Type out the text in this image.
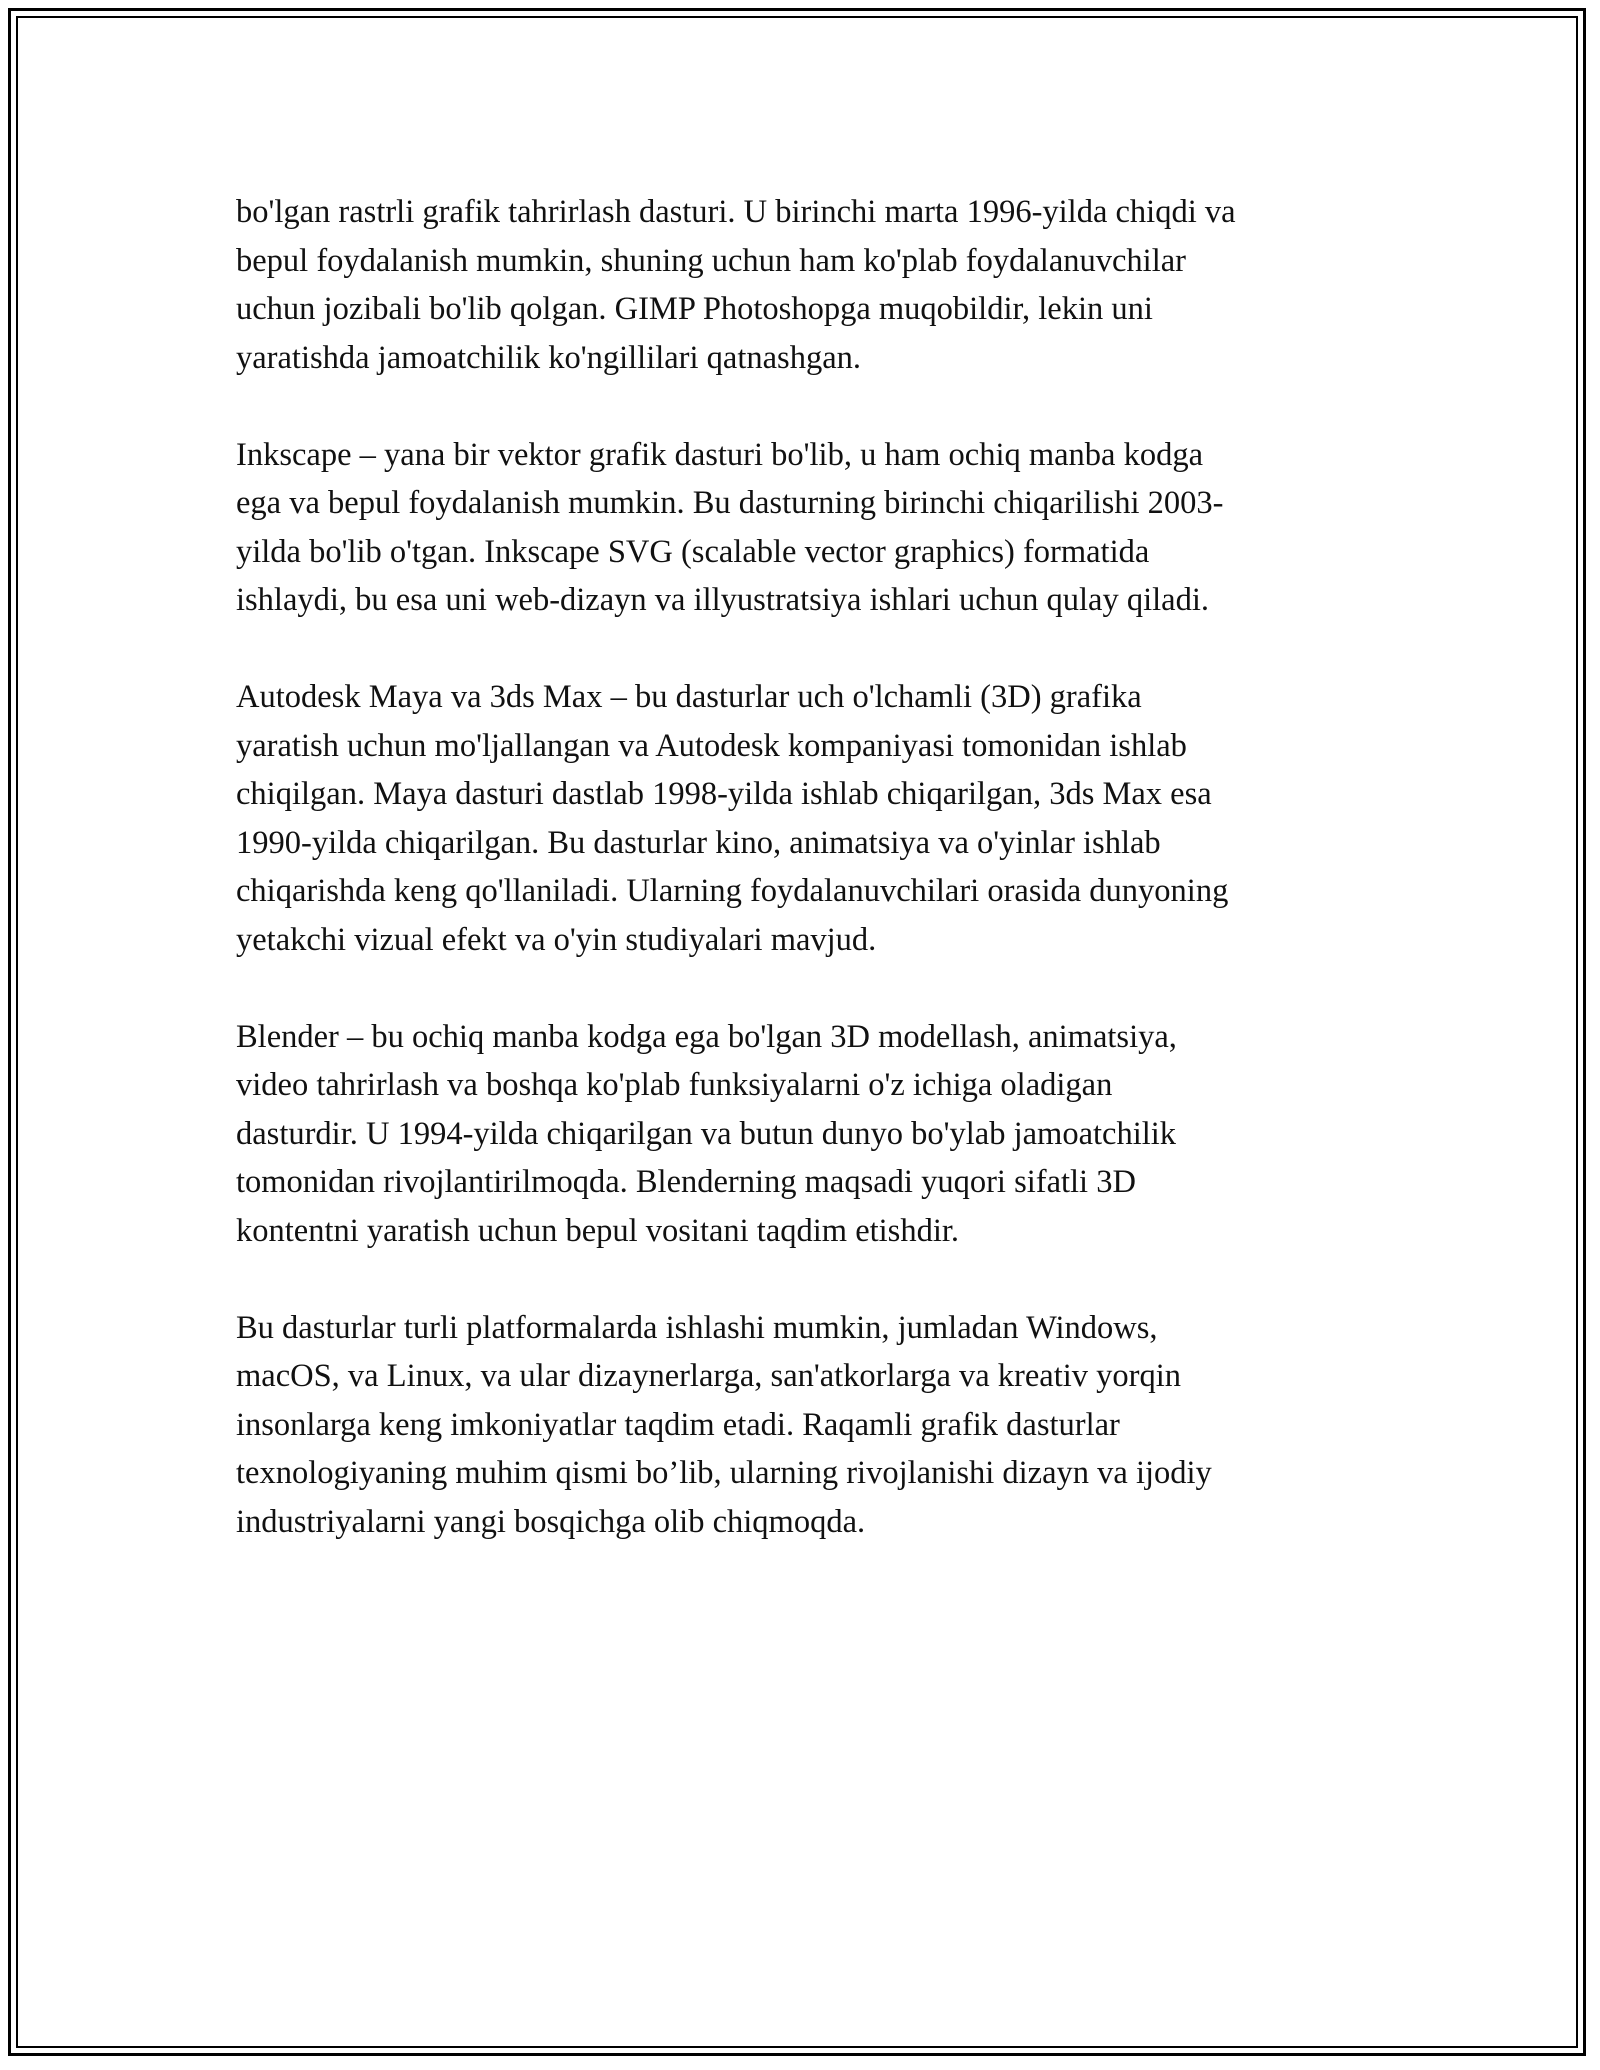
bo'lgan rastrli grafik tahrirlash dasturi. U birinchi marta 1996-yilda chiqdi va
bepul foydalanish mumkin, shuning uchun ham ko'plab foydalanuvchilar
uchun jozibali bo'lib qolgan. GIMP Photoshopga muqobildir, lekin uni
yaratishda jamoatchilik ko'ngillilari qatnashgan.

Inkscape – yana bir vektor grafik dasturi bo'lib, u ham ochiq manba kodga
ega va bepul foydalanish mumkin. Bu dasturning birinchi chiqarilishi 2003-
yilda bo'lib o'tgan. Inkscape SVG (scalable vector graphics) formatida
ishlaydi, bu esa uni web-dizayn va illyustratsiya ishlari uchun qulay qiladi.

Autodesk Maya va 3ds Max – bu dasturlar uch o'lchamli (3D) grafika
yaratish uchun mo'ljallangan va Autodesk kompaniyasi tomonidan ishlab
chiqilgan. Maya dasturi dastlab 1998-yilda ishlab chiqarilgan, 3ds Max esa
1990-yilda chiqarilgan. Bu dasturlar kino, animatsiya va o'yinlar ishlab
chiqarishda keng qo'llaniladi. Ularning foydalanuvchilari orasida dunyoning
yetakchi vizual efekt va o'yin studiyalari mavjud.

Blender – bu ochiq manba kodga ega bo'lgan 3D modellash, animatsiya,
video tahrirlash va boshqa ko'plab funksiyalarni o'z ichiga oladigan
dasturdir. U 1994-yilda chiqarilgan va butun dunyo bo'ylab jamoatchilik
tomonidan rivojlantirilmoqda. Blenderning maqsadi yuqori sifatli 3D
kontentni yaratish uchun bepul vositani taqdim etishdir.

Bu dasturlar turli platformalarda ishlashi mumkin, jumladan Windows,
macOS, va Linux, va ular dizaynerlarga, san'atkorlarga va kreativ yorqin
insonlarga keng imkoniyatlar taqdim etadi. Raqamli grafik dasturlar
texnologiyaning muhim qismi bo’lib, ularning rivojlanishi dizayn va ijodiy
industriyalarni yangi bosqichga olib chiqmoqda.
